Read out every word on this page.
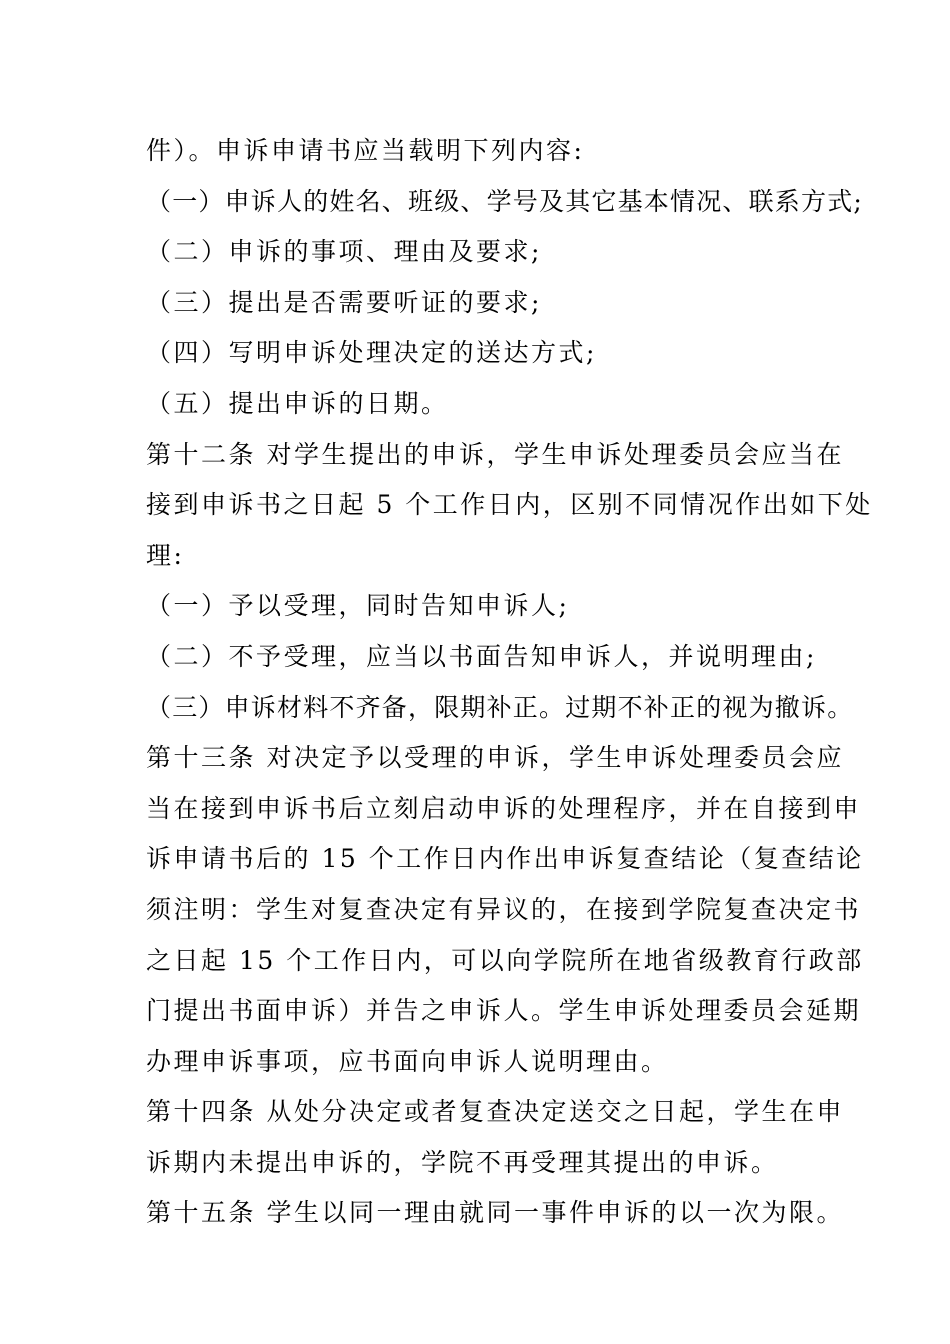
件）。申诉申请书应当载明下列内容:
（一）申诉人的姓名、班级、学号及其它基本情况、联系方式;
（二）申诉的事项、理由及要求;
（三）提出是否需要听证的要求;
（四）写明申诉处理决定的送达方式;
（五）提出申诉的日期。
第十二条 对学生提出的申诉，学生申诉处理委员会应当在
接到申诉书之日起 5 个工作日内，区别不同情况作出如下处
理:
（一）予以受理，同时告知申诉人;
（二）不予受理，应当以书面告知申诉人，并说明理由;
（三）申诉材料不齐备，限期补正。过期不补正的视为撤诉。
第十三条 对决定予以受理的申诉，学生申诉处理委员会应
当在接到申诉书后立刻启动申诉的处理程序，并在自接到申
诉申请书后的 15 个工作日内作出申诉复查结论（复查结论
须注明：学生对复查决定有异议的，在接到学院复查决定书
之日起 15 个工作日内，可以向学院所在地省级教育行政部
门提出书面申诉）并告之申诉人。学生申诉处理委员会延期
办理申诉事项，应书面向申诉人说明理由。
第十四条 从处分决定或者复查决定送交之日起，学生在申
诉期内未提出申诉的，学院不再受理其提出的申诉。
第十五条 学生以同一理由就同一事件申诉的以一次为限。
